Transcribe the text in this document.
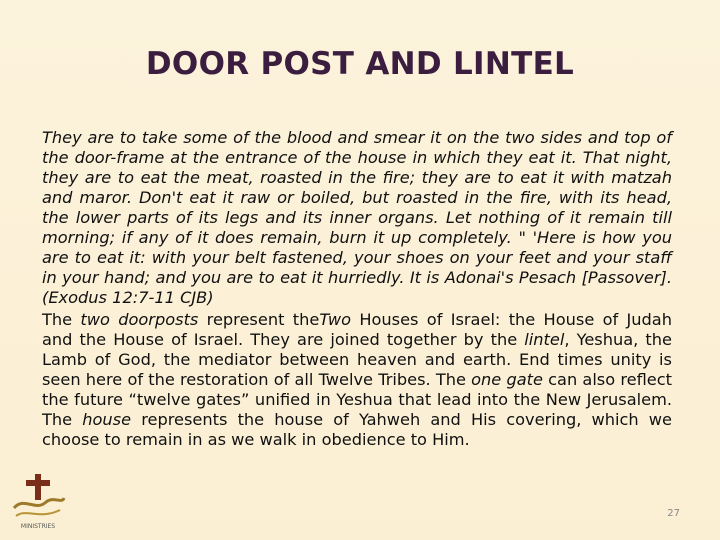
DOOR POST AND LINTEL

They are to take some of the blood and smear it on the two sides and top of the door-frame at the entrance of the house in which they eat it. That night, they are to eat the meat, roasted in the fire; they are to eat it with matzah and maror. Don't eat it raw or boiled, but roasted in the fire, with its head, the lower parts of its legs and its inner organs. Let nothing of it remain till morning; if any of it does remain, burn it up completely. " 'Here is how you are to eat it: with your belt fastened, your shoes on your feet and your staff in your hand; and you are to eat it hurriedly. It is Adonai's Pesach [Passover]. (Exodus 12:7-11 CJB)

The two doorposts represent theTwo Houses of Israel: the House of Judah and the House of Israel. They are joined together by the lintel, Yeshua, the Lamb of God, the mediator between heaven and earth. End times unity is seen here of the restoration of all Twelve Tribes. The one gate can also reflect the future “twelve gates” unified in Yeshua that lead into the New Jerusalem. The house represents the house of Yahweh and His covering, which we choose to remain in as we walk in obedience to Him.

MINISTRIES
27
